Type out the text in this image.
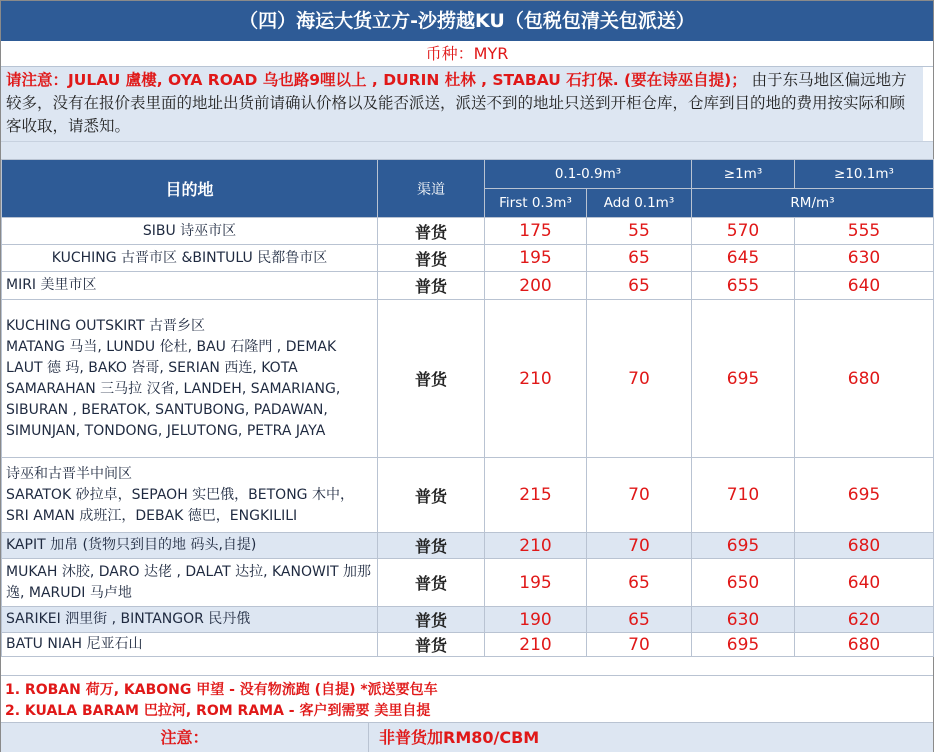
（四）海运大货立方-沙捞越KU（包税包清关包派送）
币种：MYR
请注意：JULAU 盧樓, OYA ROAD 乌也路9哩以上 , DURIN 杜林 , STABAU 石打保. (要在诗巫自提)； 由于东马地区偏远地方较多，没有在报价表里面的地址出货前请确认价格以及能否派送，派送不到的地址只送到开柜仓库，仓库到目的地的费用按实际和顾客收取，请悉知。
目的地	渠道	0.1-0.9m³		≥1m³	≥10.1m³
		First 0.3m³	Add 0.1m³	RM/m³	
SIBU 诗巫市区	普货	175	55	570	555
KUCHING 古晋市区 &BINTULU 民都鲁市区	普货	195	65	645	630
MIRI 美里市区	普货	200	65	655	640
KUCHING OUTSKIRT 古晋乡区
MATANG 马当, LUNDU 伦杜, BAU 石隆門 , DEMAK LAUT 德 玛, BAKO 峇哥, SERIAN 西连, KOTA SAMARAHAN 三马拉 汉省, LANDEH, SAMARIANG, SIBURAN , BERATOK, SANTUBONG, PADAWAN, SIMUNJAN, TONDONG, JELUTONG, PETRA JAYA	普货	210	70	695	680
诗巫和古晋半中间区
SARATOK 砂拉卓，SEPAOH 实巴俄，BETONG 木中， SRI AMAN 成班江，DEBAK 德巴，ENGKILILI	普货	215	70	710	695
KAPIT 加帛 (货物只到目的地 码头,自提)	普货	210	70	695	680
MUKAH 沐胶, DARO 达佬 , DALAT 达拉, KANOWIT 加那逸, MARUDI 马卢地	普货	195	65	650	640
SARIKEI 泗里街 , BINTANGOR 民丹俄	普货	190	65	630	620
BATU NIAH 尼亚石山	普货	210	70	695	680
1. ROBAN 荷万, KABONG 甲望 - 没有物流跑 (自提) *派送要包车
2. KUALA BARAM 巴拉河, ROM RAMA - 客户到需要 美里自提
注意：	非普货加RM80/CBM
